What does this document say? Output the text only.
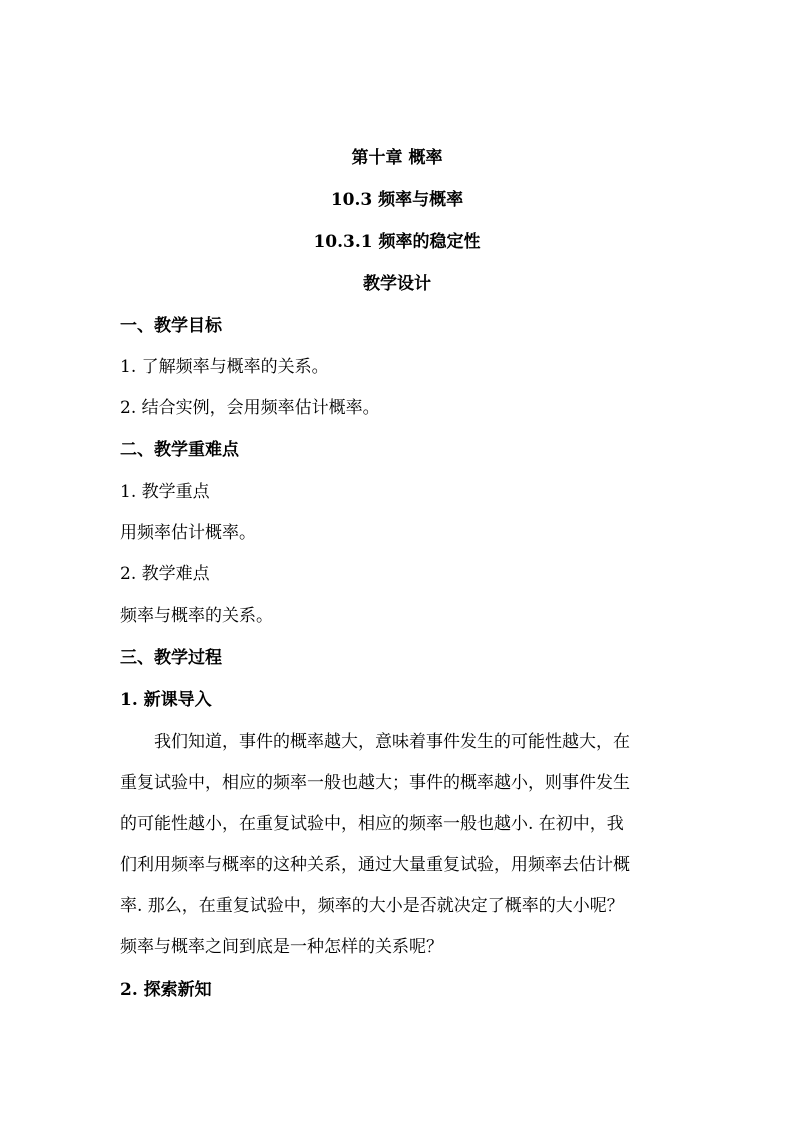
第十章 概率
10.3 频率与概率
10.3.1 频率的稳定性
教学设计
一、教学目标
1. 了解频率与概率的关系。
2. 结合实例，会用频率估计概率。
二、教学重难点
1. 教学重点
用频率估计概率。
2. 教学难点
频率与概率的关系。
三、教学过程
1. 新课导入
我们知道，事件的概率越大，意味着事件发生的可能性越大，在
重复试验中，相应的频率一般也越大；事件的概率越小，则事件发生
的可能性越小，在重复试验中，相应的频率一般也越小. 在初中，我
们利用频率与概率的这种关系，通过大量重复试验，用频率去估计概
率. 那么，在重复试验中，频率的大小是否就决定了概率的大小呢？
频率与概率之间到底是一种怎样的关系呢？
2. 探索新知
